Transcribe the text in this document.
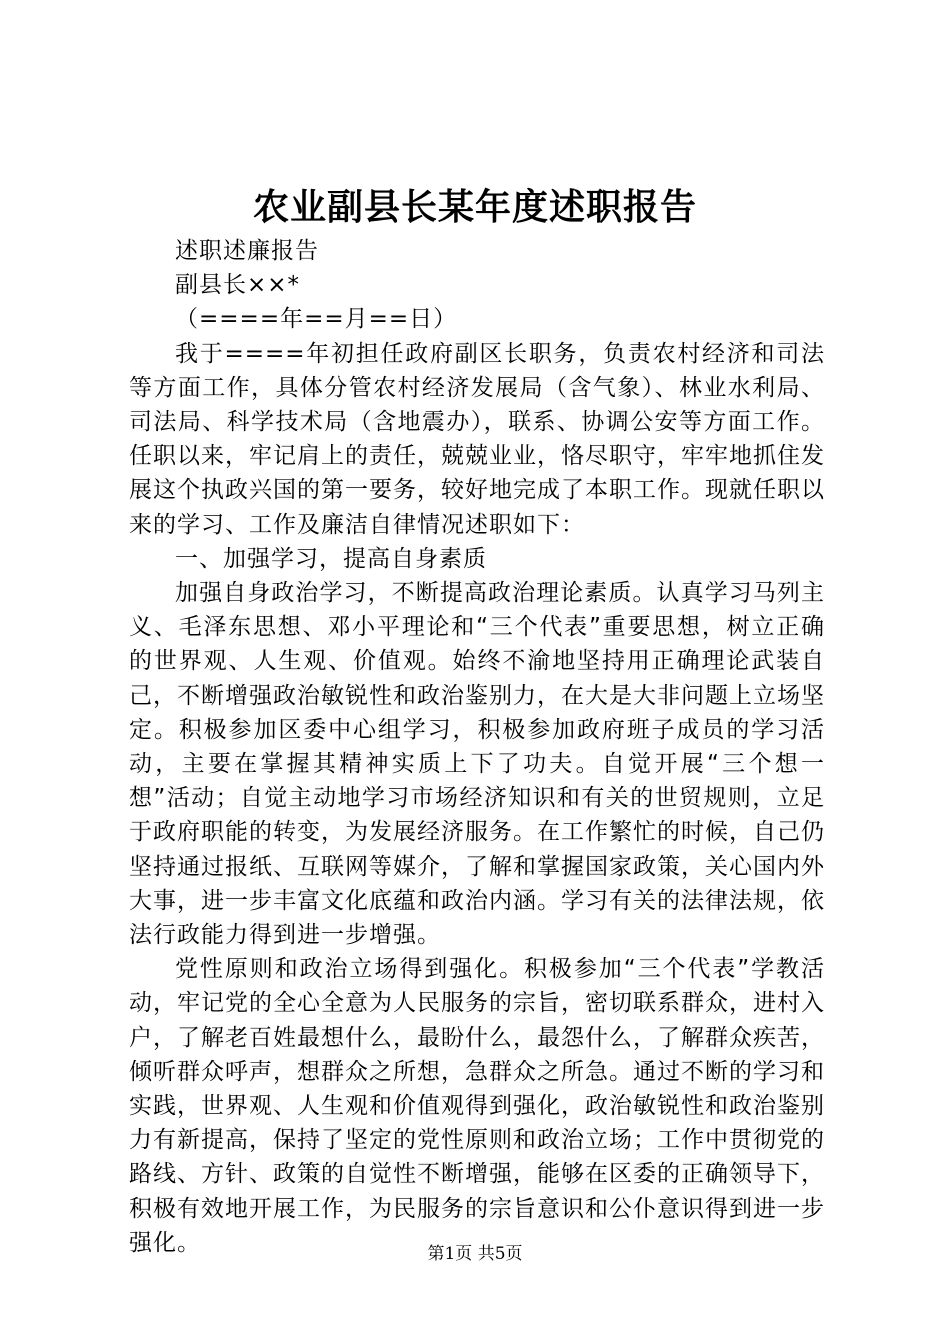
农业副县长某年度述职报告

述职述廉报告

副县长××*

（====年==月==日）

我于====年初担任政府副区长职务，负责农村经济和司法等方面工作，具体分管农村经济发展局（含气象）、林业水利局、司法局、科学技术局（含地震办），联系、协调公安等方面工作。任职以来，牢记肩上的责任，兢兢业业，恪尽职守，牢牢地抓住发展这个执政兴国的第一要务，较好地完成了本职工作。现就任职以来的学习、工作及廉洁自律情况述职如下：

一、加强学习，提高自身素质

加强自身政治学习，不断提高政治理论素质。认真学习马列主义、毛泽东思想、邓小平理论和“三个代表”重要思想，树立正确的世界观、人生观、价值观。始终不渝地坚持用正确理论武装自己，不断增强政治敏锐性和政治鉴别力，在大是大非问题上立场坚定。积极参加区委中心组学习，积极参加政府班子成员的学习活动，主要在掌握其精神实质上下了功夫。自觉开展“三个想一想”活动；自觉主动地学习市场经济知识和有关的世贸规则，立足于政府职能的转变，为发展经济服务。在工作繁忙的时候，自己仍坚持通过报纸、互联网等媒介，了解和掌握国家政策，关心国内外大事，进一步丰富文化底蕴和政治内涵。学习有关的法律法规，依法行政能力得到进一步增强。

党性原则和政治立场得到强化。积极参加“三个代表”学教活动，牢记党的全心全意为人民服务的宗旨，密切联系群众，进村入户，了解老百姓最想什么，最盼什么，最怨什么，了解群众疾苦，倾听群众呼声，想群众之所想，急群众之所急。通过不断的学习和实践，世界观、人生观和价值观得到强化，政治敏锐性和政治鉴别力有新提高，保持了坚定的党性原则和政治立场；工作中贯彻党的路线、方针、政策的自觉性不断增强，能够在区委的正确领导下，积极有效地开展工作，为民服务的宗旨意识和公仆意识得到进一步强化。	第1页 共5页
